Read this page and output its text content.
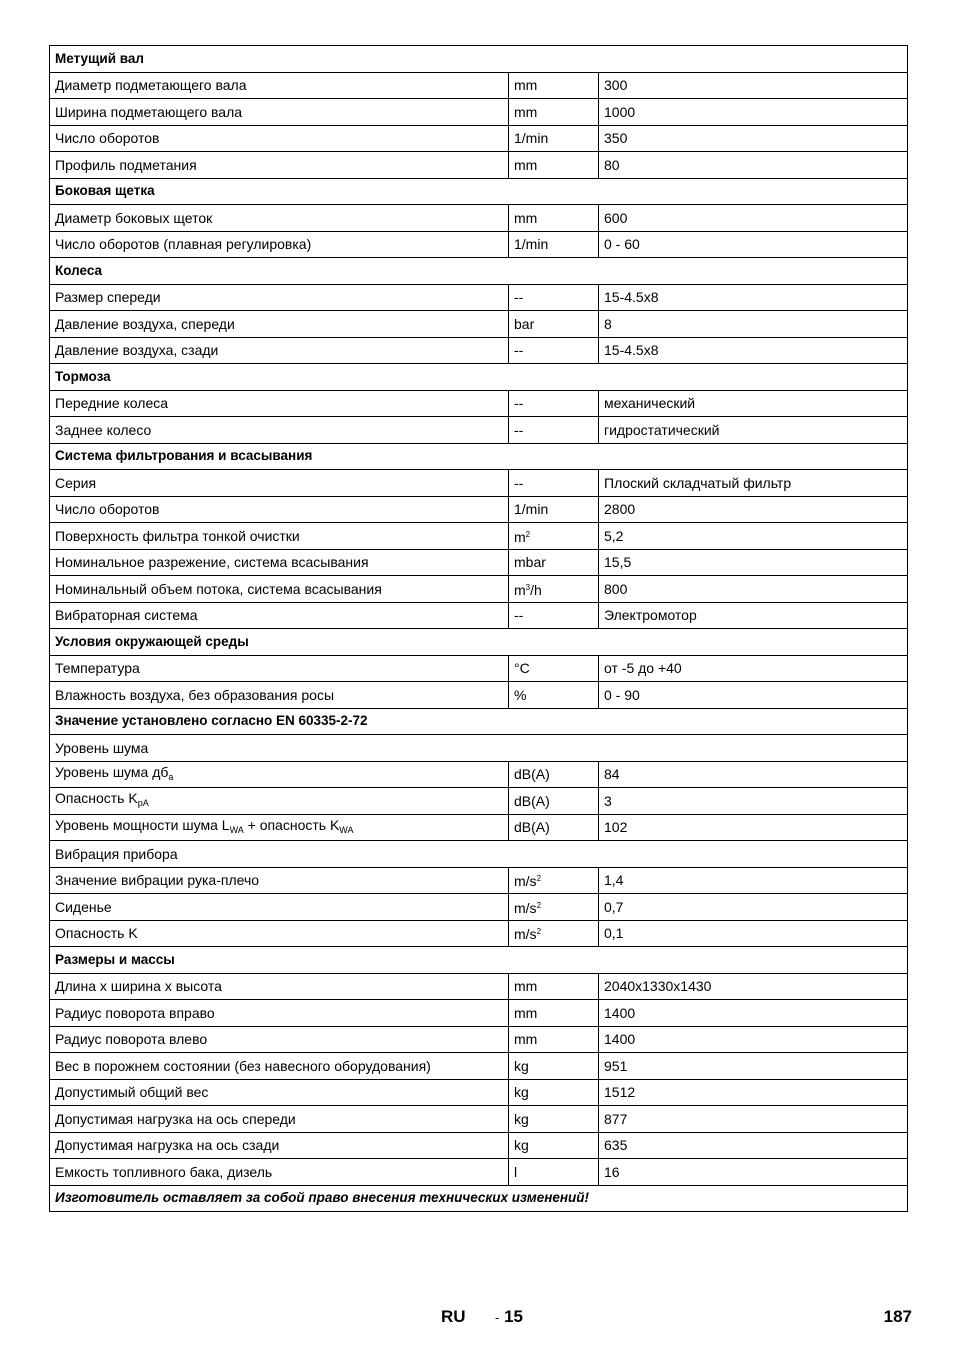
Метущий вал		
Диаметр подметающего вала	mm	300
Ширина подметающего вала	mm	1000
Число оборотов	1/min	350
Профиль подметания	mm	80
Боковая щетка		
Диаметр боковых щеток	mm	600
Число оборотов (плавная регулировка)	1/min	0 - 60
Колеса		
Размер спереди	--	15-4.5x8
Давление воздуха, спереди	bar	8
Давление воздуха, сзади	--	15-4.5x8
Тормоза		
Передние колеса	--	механический
Заднее колесо	--	гидростатический
Система фильтрования и всасывания		
Серия	--	Плоский складчатый фильтр
Число оборотов	1/min	2800
Поверхность фильтра тонкой очистки	$m^2$	5,2
Номинальное разрежение, система всасывания	mbar	15,5
Номинальный объем потока, система всасывания	$m^3/h$	800
Вибраторная система	--	Электромотор
Условия окружающей среды		
Температура	°C	от -5 до +40
Влажность воздуха, без образования росы	%	0 - 90
Значение установлено согласно EN 60335-2-72		
Уровень шума		
Уровень шума $дб_a$	dB(A)	84
Опасность $K_{pA}$	dB(A)	3
Уровень мощности шума $L_{WA}$ + опасность $K_{WA}$	dB(A)	102
Вибрация прибора		
Значение вибрации рука-плечо	$m/s^2$	1,4
Сиденье	$m/s^2$	0,7
Опасность K	$m/s^2$	0,1
Размеры и массы		
Длина x ширина x высота	mm	2040x1330x1430
Радиус поворота вправо	mm	1400
Радиус поворота влево	mm	1400
Вес в порожнем состоянии (без навесного оборудования)	kg	951
Допустимый общий вес	kg	1512
Допустимая нагрузка на ось спереди	kg	877
Допустимая нагрузка на ось сзади	kg	635
Емкость топливного бака, дизель	l	16
Изготовитель оставляет за собой право внесения технических изменений!		
RU - 15	187
